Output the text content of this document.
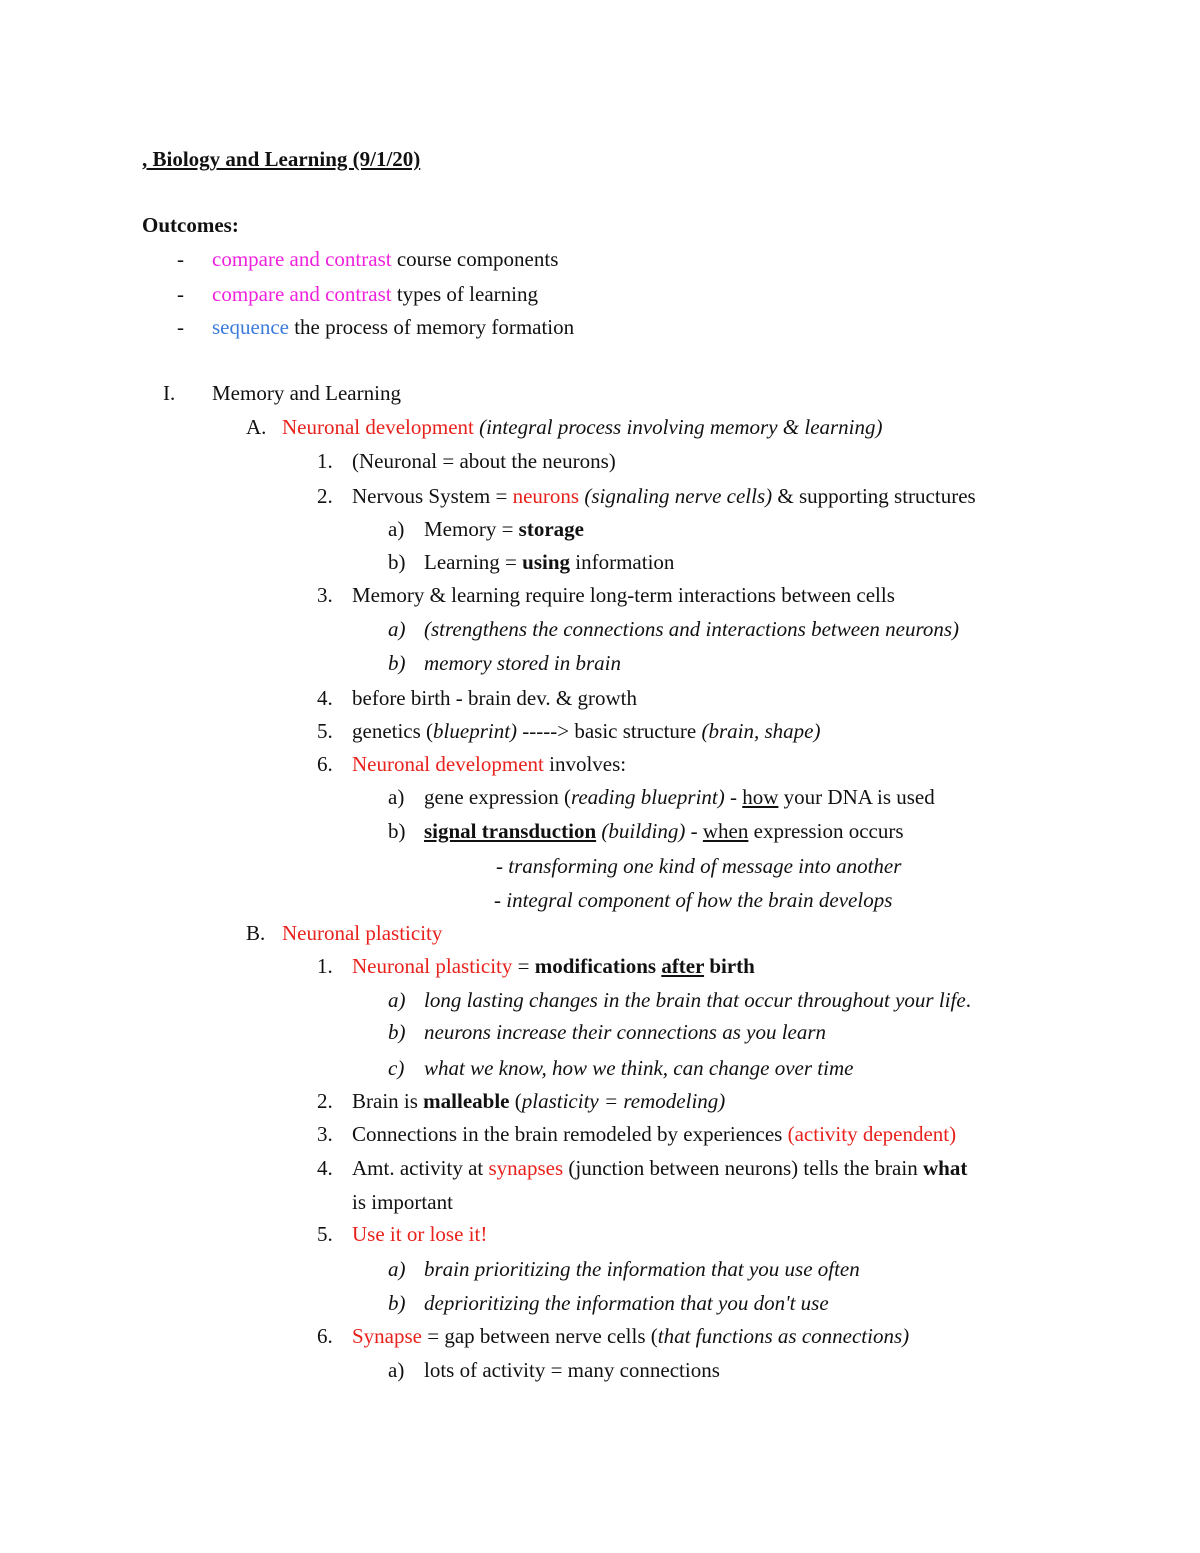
, Biology and Learning (9/1/20)
Outcomes:
- compare and contrast course components
- compare and contrast types of learning
- sequence the process of memory formation
I. Memory and Learning
A. Neuronal development (integral process involving memory & learning)
1. (Neuronal = about the neurons)
2. Nervous System = neurons (signaling nerve cells) & supporting structures
a) Memory = storage
b) Learning = using information
3. Memory & learning require long-term interactions between cells
a) (strengthens the connections and interactions between neurons)
b) memory stored in brain
4. before birth - brain dev. & growth
5. genetics (blueprint) -----> basic structure (brain, shape)
6. Neuronal development involves:
a) gene expression (reading blueprint) - how your DNA is used
b) signal transduction (building) - when expression occurs
- transforming one kind of message into another
- integral component of how the brain develops
B. Neuronal plasticity
1. Neuronal plasticity = modifications after birth
a) long lasting changes in the brain that occur throughout your life.
b) neurons increase their connections as you learn
c) what we know, how we think, can change over time
2. Brain is malleable (plasticity = remodeling)
3. Connections in the brain remodeled by experiences (activity dependent)
4. Amt. activity at synapses (junction between neurons) tells the brain what
is important
5. Use it or lose it!
a) brain prioritizing the information that you use often
b) deprioritizing the information that you don't use
6. Synapse = gap between nerve cells (that functions as connections)
a) lots of activity = many connections
